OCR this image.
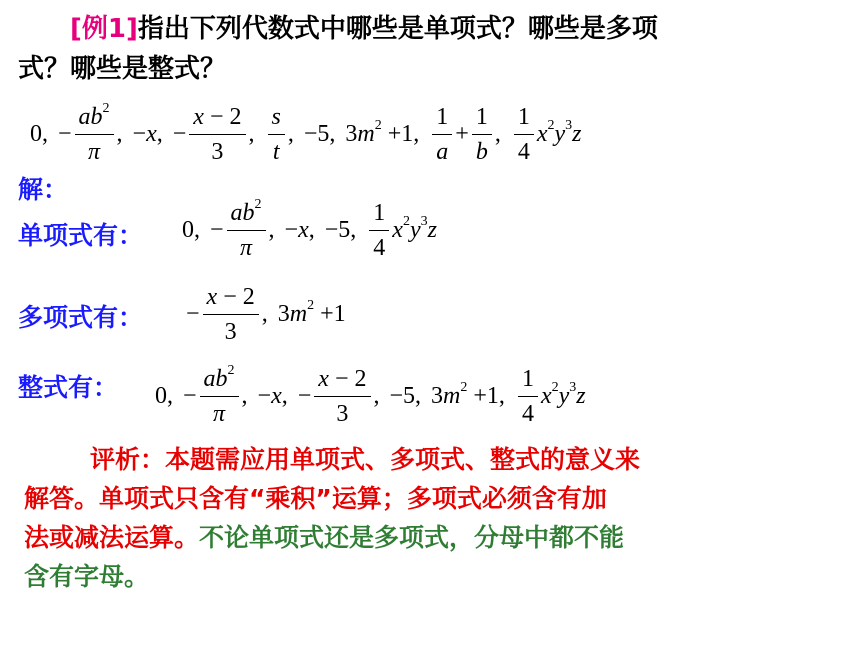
[例1]指出下列代数式中哪些是单项式？哪些是多项
式？哪些是整式？
0, − $\frac{ab^2}{\pi}$ , −x, − $\frac{x - 2}{3}$ , $\frac{s}{t}$ , −5, $3m^2 +1$, $\frac{1}{a} + \frac{1}{b}$ , $\frac{1}{4} x^2y^3z$
解：
单项式有： 0, − $\frac{ab^2}{\pi}$ , −x, −5, $\frac{1}{4} x^2y^3z$
多项式有： − $\frac{x - 2}{3}$ , $3m^2 +1$
整式有： 0, − $\frac{ab^2}{\pi}$ , −x, − $\frac{x - 2}{3}$ , −5, $3m^2 +1$, $\frac{1}{4} x^2y^3z$
评析：本题需应用单项式、多项式、整式的意义来
解答。单项式只含有“乘积”运算；多项式必须含有加
法或减法运算。不论单项式还是多项式，分母中都不能
含有字母。
